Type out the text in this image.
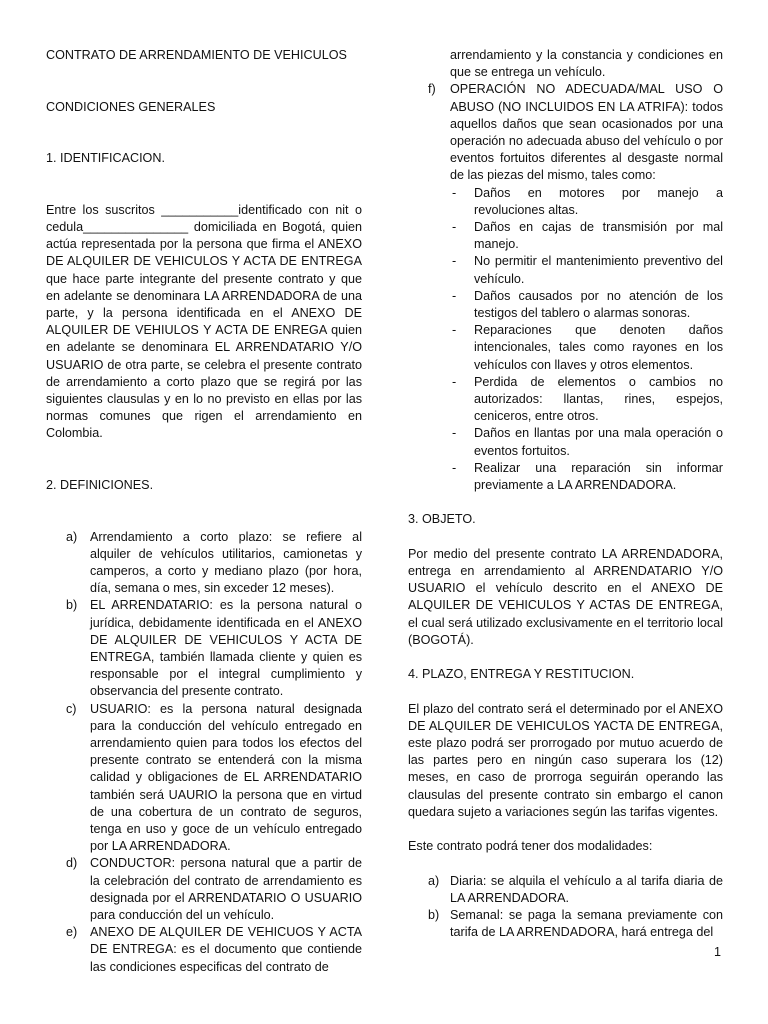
CONTRATO DE ARRENDAMIENTO DE VEHICULOS

CONDICIONES GENERALES

1. IDENTIFICACION.

Entre los suscritos ___________identificado con nit o cedula_______________ domiciliada en Bogotá, quien actúa representada por la persona que firma el ANEXO DE ALQUILER DE VEHICULOS Y ACTA DE ENTREGA que hace parte integrante del presente contrato y que en adelante se denominara LA ARRENDADORA de una parte, y la persona identificada en el ANEXO DE ALQUILER DE VEHIULOS Y ACTA DE ENREGA quien en adelante se denominara EL ARRENDATARIO Y/O USUARIO de otra parte, se celebra el presente contrato de arrendamiento a corto plazo que se regirá por las siguientes clausulas y en lo no previsto en ellas por las normas comunes que rigen el arrendamiento en Colombia.

2. DEFINICIONES.

a) Arrendamiento a corto plazo: se refiere al alquiler de vehículos utilitarios, camionetas y camperos, a corto y mediano plazo (por hora, día, semana o mes, sin exceder 12 meses).
b) EL ARRENDATARIO: es la persona natural o jurídica, debidamente identificada en el ANEXO DE ALQUILER DE VEHICULOS Y ACTA DE ENTREGA, también llamada cliente y quien es responsable por el integral cumplimiento y observancia del presente contrato.
c) USUARIO: es la persona natural designada para la conducción del vehículo entregado en arrendamiento quien para todos los efectos del presente contrato se entenderá con la misma calidad y obligaciones de EL ARRENDATARIO también será UAURIO la persona que en virtud de una cobertura de un contrato de seguros, tenga en uso y goce de un vehículo entregado por LA ARRENDADORA.
d) CONDUCTOR: persona natural que a partir de la celebración del contrato de arrendamiento es designada por el ARRENDATARIO O USUARIO para conducción del un vehículo.
e) ANEXO DE ALQUILER DE VEHICUOS Y ACTA DE ENTREGA: es el documento que contiende las condiciones especificas del contrato de
arrendamiento y la constancia y condiciones en que se entrega un vehículo.
f) OPERACIÓN NO ADECUADA/MAL USO O ABUSO (NO INCLUIDOS EN LA ATRIFA): todos aquellos daños que sean ocasionados por una operación no adecuada abuso del vehículo o por eventos fortuitos diferentes al desgaste normal de las piezas del mismo, tales como:
- Daños en motores por manejo a revoluciones altas.
- Daños en cajas de transmisión por mal manejo.
- No permitir el mantenimiento preventivo del vehículo.
- Daños causados por no atención de los testigos del tablero o alarmas sonoras.
- Reparaciones que denoten daños intencionales, tales como rayones en los vehículos con llaves y otros elementos.
- Perdida de elementos o cambios no autorizados: llantas, rines, espejos, ceniceros, entre otros.
- Daños en llantas por una mala operación o eventos fortuitos.
- Realizar una reparación sin informar previamente a LA ARRENDADORA.

3. OBJETO.

Por medio del presente contrato LA ARRENDADORA, entrega en arrendamiento al ARRENDATARIO Y/O USUARIO el vehículo descrito en el ANEXO DE ALQUILER DE VEHICULOS Y ACTAS DE ENTREGA, el cual será utilizado exclusivamente en el territorio local (BOGOTÁ).

4. PLAZO, ENTREGA Y RESTITUCION.

El plazo del contrato será el determinado por el ANEXO DE ALQUILER DE VEHICULOS YACTA DE ENTREGA, este plazo podrá ser prorrogado por mutuo acuerdo de las partes pero en ningún caso superara los (12) meses, en caso de prorroga seguirán operando las clausulas del presente contrato sin embargo el canon quedara sujeto a variaciones según las tarifas vigentes.

Este contrato podrá tener dos modalidades:

a) Diaria: se alquila el vehículo a al tarifa diaria de LA ARRENDADORA.
b) Semanal: se paga la semana previamente con tarifa de LA ARRENDADORA, hará entrega del
1
